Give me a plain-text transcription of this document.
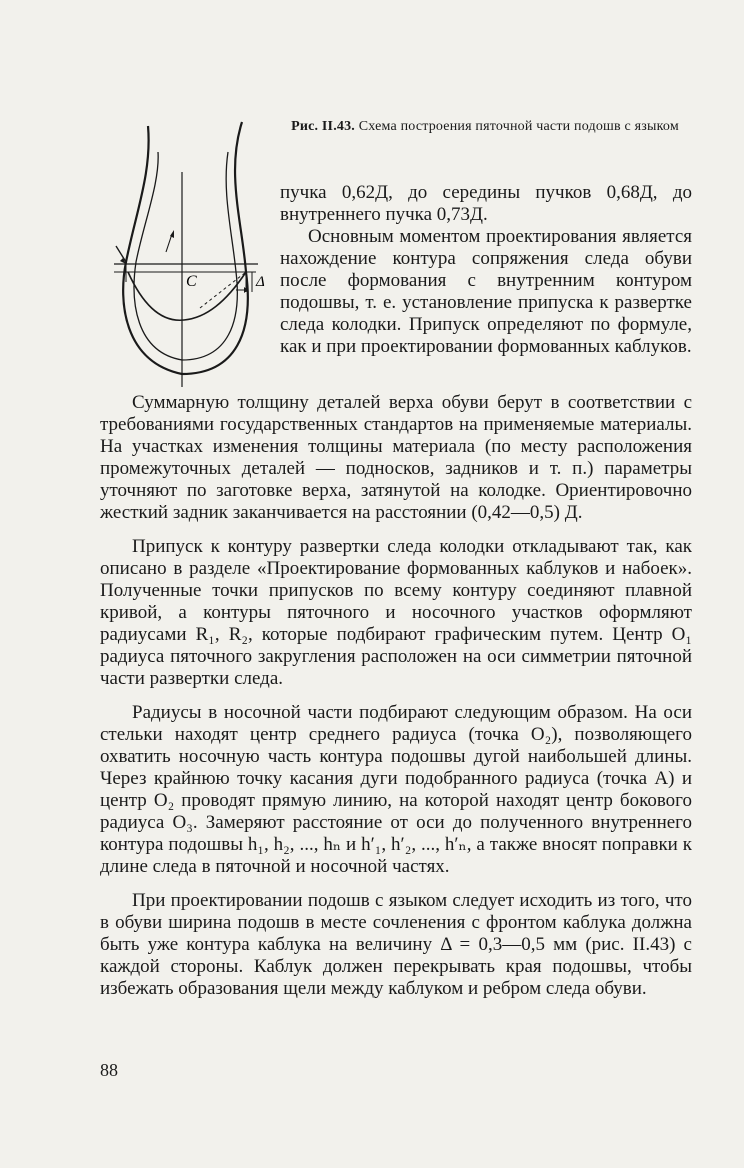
C	Δ
Рис. II.43. Схема построения пяточной части подошв с языком

пучка 0,62Д, до середины пучков 0,68Д, до внутреннего пучка 0,73Д.

Основным моментом проектирования является нахождение контура сопряжения следа обуви после формования с внутренним контуром подошвы, т. е. установление припуска к развертке следа колодки. Припуск определяют по формуле, как и при проектировании формованных каблуков.

Суммарную толщину деталей верха обуви берут в соответствии с требованиями государственных стандартов на применяемые материалы. На участках изменения толщины материала (по месту расположения промежуточных деталей — подносков, задников и т. п.) параметры уточняют по заготовке верха, затянутой на колодке. Ориентировочно жесткий задник заканчивается на расстоянии (0,42—0,5) Д.

Припуск к контуру развертки следа колодки откладывают так, как описано в разделе «Проектирование формованных каблуков и набоек». Полученные точки припусков по всему контуру соединяют плавной кривой, а контуры пяточного и носочного участков оформляют радиусами R₁, R₂, которые подбирают графическим путем. Центр O₁ радиуса пяточного закругления расположен на оси симметрии пяточной части развертки следа.

Радиусы в носочной части подбирают следующим образом. На оси стельки находят центр среднего радиуса (точка O₂), позволяющего охватить носочную часть контура подошвы дугой наибольшей длины. Через крайнюю точку касания дуги подобранного радиуса (точка A) и центр O₂ проводят прямую линию, на которой находят центр бокового радиуса O₃. Замеряют расстояние от оси до полученного внутреннего контура подошвы h₁, h₂, ..., hₙ и h′₁, h′₂, ..., h′ₙ, а также вносят поправки к длине следа в пяточной и носочной частях.

При проектировании подошв с языком следует исходить из того, что в обуви ширина подошв в месте сочленения с фронтом каблука должна быть уже контура каблука на величину Δ = 0,3—0,5 мм (рис. II.43) с каждой стороны. Каблук должен перекрывать края подошвы, чтобы избежать образования щели между каблуком и ребром следа обуви.

88
